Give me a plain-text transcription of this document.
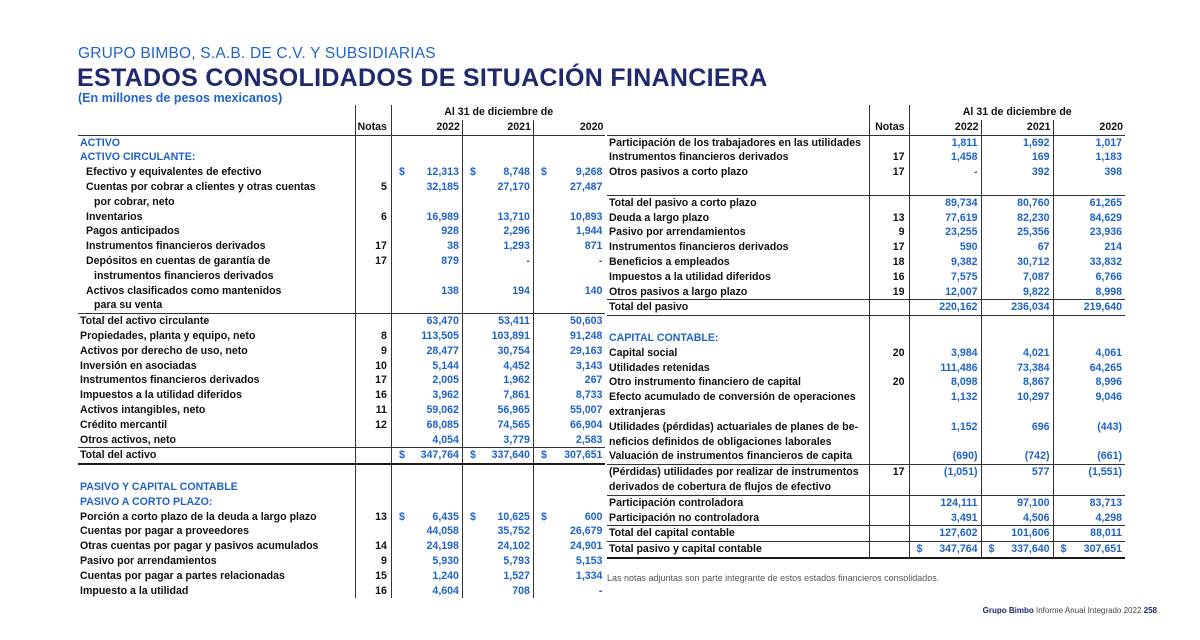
GRUPO BIMBO, S.A.B. DE C.V. Y SUBSIDIARIAS
ESTADOS CONSOLIDADOS DE SITUACIÓN FINANCIERA
(En millones de pesos mexicanos)
		Al 31 de diciembre de		
	Notas	2022	2021	2020
ACTIVO				
ACTIVO CIRCULANTE:				
Efectivo y equivalentes de efectivo		$ 12,313	$ 8,748	$ 9,268
Cuentas por cobrar a clientes y otras cuentas	5	32,185	27,170	27,487
por cobrar, neto				
Inventarios	6	16,989	13,710	10,893
Pagos anticipados		928	2,296	1,944
Instrumentos financieros derivados	17	38	1,293	871
Depósitos en cuentas de garantía de	17	879	-	-
instrumentos financieros derivados				
Activos clasificados como mantenidos		138	194	140
para su venta				
Total del activo circulante		63,470	53,411	50,603
Propiedades, planta y equipo, neto	8	113,505	103,891	91,248
Activos por derecho de uso, neto	9	28,477	30,754	29,163
Inversión en asociadas	10	5,144	4,452	3,143
Instrumentos financieros derivados	17	2,005	1,962	267
Impuestos a la utilidad diferidos	16	3,962	7,861	8,733
Activos intangibles, neto	11	59,062	56,965	55,007
Crédito mercantil	12	68,085	74,565	66,904
Otros activos, neto		4,054	3,779	2,583
Total del activo		$ 347,764	$ 337,640	$ 307,651

PASIVO Y CAPITAL CONTABLE				
PASIVO A CORTO PLAZO:				
Porción a corto plazo de la deuda a largo plazo	13	$ 6,435	$ 10,625	$ 600
Cuentas por pagar a proveedores		44,058	35,752	26,679
Otras cuentas por pagar y pasivos acumulados	14	24,198	24,102	24,901
Pasivo por arrendamientos	9	5,930	5,793	5,153
Cuentas por pagar a partes relacionadas	15	1,240	1,527	1,334
Impuesto a la utilidad	16	4,604	708	-
		Al 31 de diciembre de		
	Notas	2022	2021	2020
Participación de los trabajadores en las utilidades		1,811	1,692	1,017
Instrumentos financieros derivados	17	1,458	169	1,183
Otros pasivos a corto plazo	17	-	392	398

Total del pasivo a corto plazo		89,734	80,760	61,265
Deuda a largo plazo	13	77,619	82,230	84,629
Pasivo por arrendamientos	9	23,255	25,356	23,936
Instrumentos financieros derivados	17	590	67	214
Beneficios a empleados	18	9,382	30,712	33,832
Impuestos a la utilidad diferidos	16	7,575	7,087	6,766
Otros pasivos a largo plazo	19	12,007	9,822	8,998
Total del pasivo		220,162	236,034	219,640

CAPITAL CONTABLE:				
Capital social	20	3,984	4,021	4,061
Utilidades retenidas		111,486	73,384	64,265
Otro instrumento financiero de capital	20	8,098	8,867	8,996
Efecto acumulado de conversión de operaciones		1,132	10,297	9,046
extranjeras				
Utilidades (pérdidas) actuariales de planes de be-		1,152	696	(443)
neficios definidos de obligaciones laborales				
Valuación de instrumentos financieros de capita		(690)	(742)	(661)
(Pérdidas) utilidades por realizar de instrumentos	17	(1,051)	577	(1,551)
derivados de cobertura de flujos de efectivo				
Participación controladora		124,111	97,100	83,713
Participación no controladora		3,491	4,506	4,298
Total del capital contable		127,602	101,606	88,011
Total pasivo y capital contable		$ 347,764	$ 337,640	$ 307,651
Las notas adjuntas son parte integrante de estos estados financieros consolidados.
Grupo Bimbo Informe Anual Integrado 2022 258
